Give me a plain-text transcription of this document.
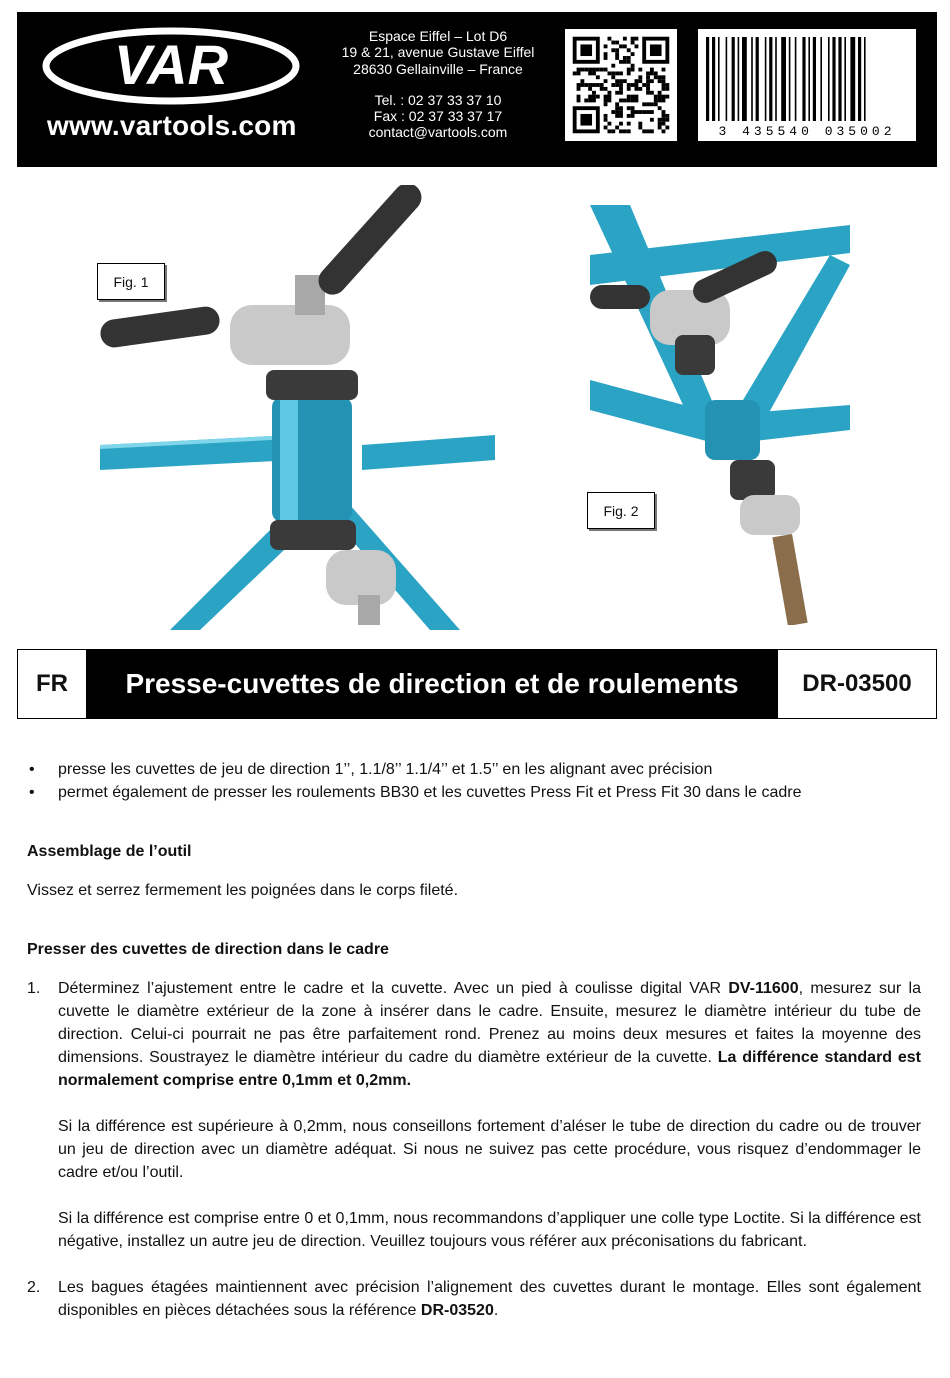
VAR
www.vartools.com
Espace Eiffel – Lot D6
19 & 21, avenue Gustave Eiffel
28630 Gellainville – France
Tel. : 02 37 33 37 10
Fax : 02 37 33 37 17
contact@vartools.com	3 435540 035002
Fig. 1
Fig. 2
FR	Presse-cuvettes de direction et de roulements	DR-03500
• presse les cuvettes de jeu de direction 1’’, 1.1/8’’ 1.1/4’’ et 1.5’’ en les alignant avec précision
• permet également de presser les roulements BB30 et les cuvettes Press Fit et Press Fit 30 dans le cadre
Assemblage de l’outil

Vissez et serrez fermement les poignées dans le corps fileté.

Presser des cuvettes de direction dans le cadre
1. Déterminez l’ajustement entre le cadre et la cuvette. Avec un pied à coulisse digital VAR DV-11600, mesurez sur la cuvette le diamètre extérieur de la zone à insérer dans le cadre. Ensuite, mesurez le diamètre intérieur du tube de direction. Celui-ci pourrait ne pas être parfaitement rond. Prenez au moins deux mesures et faites la moyenne des dimensions. Soustrayez le diamètre intérieur du cadre du diamètre extérieur de la cuvette. La différence standard est normalement comprise entre 0,1mm et 0,2mm.

Si la différence est supérieure à 0,2mm, nous conseillons fortement d’aléser le tube de direction du cadre ou de trouver un jeu de direction avec un diamètre adéquat. Si nous ne suivez pas cette procédure, vous risquez d’endommager le cadre et/ou l’outil.

Si la différence est comprise entre 0 et 0,1mm, nous recommandons d’appliquer une colle type Loctite. Si la différence est négative, installez un autre jeu de direction. Veuillez toujours vous référer aux préconisations du fabricant.

2. Les bagues étagées maintiennent avec précision l’alignement des cuvettes durant le montage. Elles sont également disponibles en pièces détachées sous la référence DR-03520.
